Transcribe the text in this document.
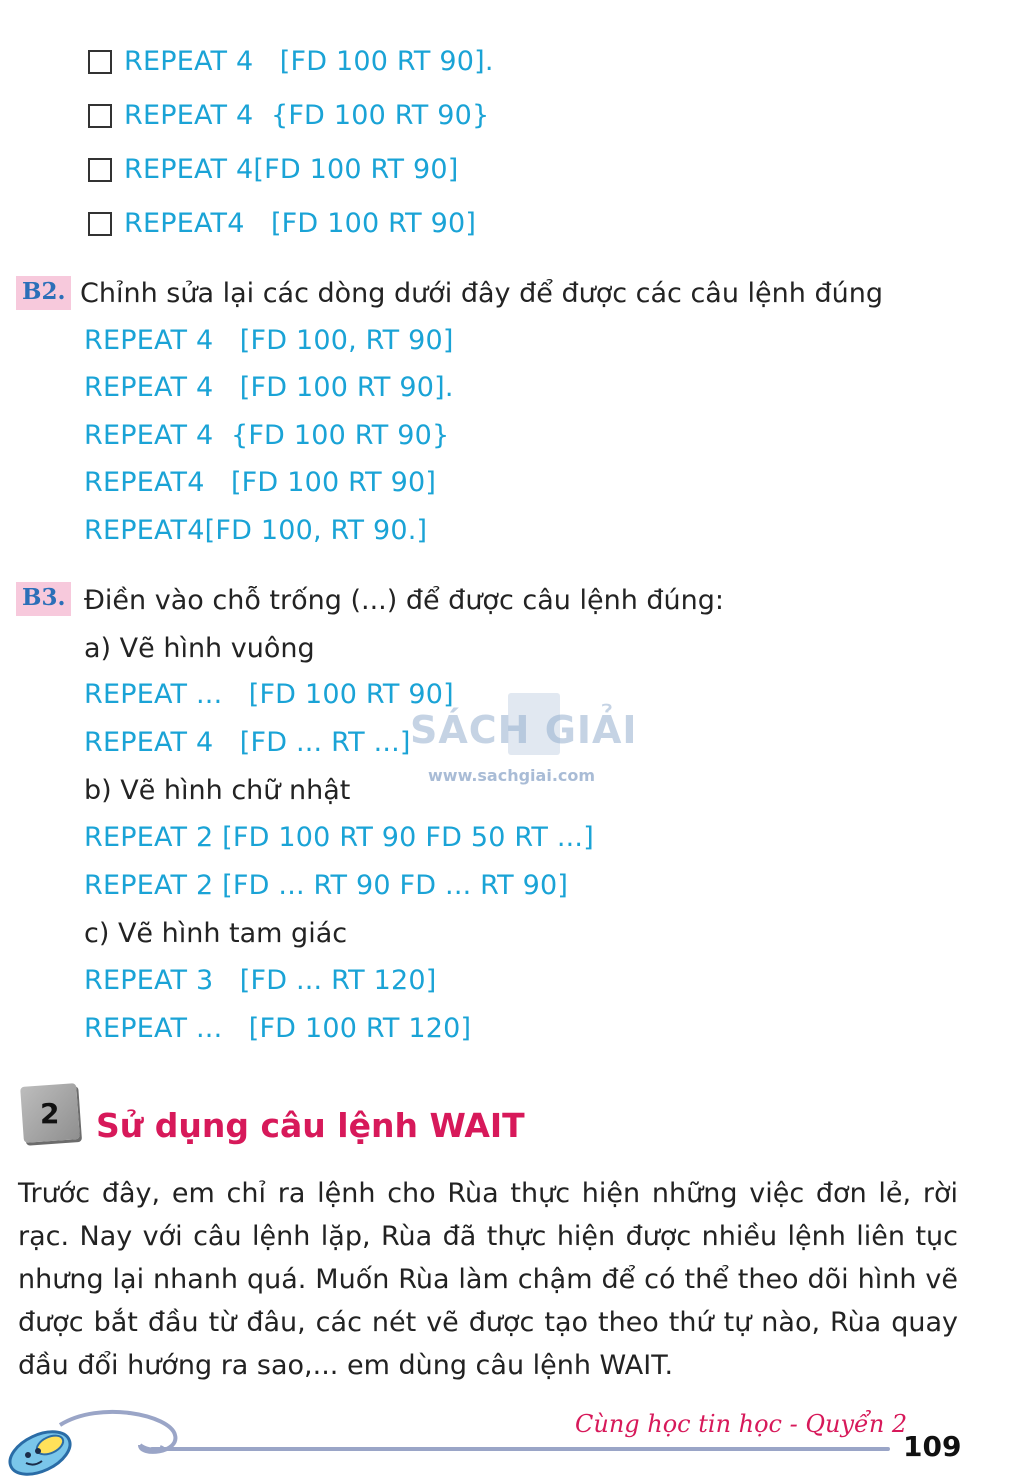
REPEAT 4   [FD 100 RT 90].
REPEAT 4  {FD 100 RT 90}
REPEAT 4[FD 100 RT 90]
REPEAT4   [FD 100 RT 90]
B2. Chỉnh sửa lại các dòng dưới đây để được các câu lệnh đúng
REPEAT 4   [FD 100, RT 90]
REPEAT 4   [FD 100 RT 90].
REPEAT 4  {FD 100 RT 90}
REPEAT4   [FD 100 RT 90]
REPEAT4[FD 100, RT 90.]
B3. Điền vào chỗ trống (...) để được câu lệnh đúng:
a) Vẽ hình vuông
REPEAT ...   [FD 100 RT 90]
REPEAT 4   [FD ... RT ...]
b) Vẽ hình chữ nhật
REPEAT 2 [FD 100 RT 90 FD 50 RT ...]
REPEAT 2 [FD ... RT 90 FD ... RT 90]
c) Vẽ hình tam giác
REPEAT 3   [FD ... RT 120]
REPEAT ...   [FD 100 RT 120]
SÁCH GIẢI
www.sachgiai.com
2 Sử dụng câu lệnh WAIT

Trước đây, em chỉ ra lệnh cho Rùa thực hiện những việc đơn lẻ, rời rạc. Nay với câu lệnh lặp, Rùa đã thực hiện được nhiều lệnh liên tục nhưng lại nhanh quá. Muốn Rùa làm chậm để có thể theo dõi hình vẽ được bắt đầu từ đâu, các nét vẽ được tạo theo thứ tự nào, Rùa quay đầu đổi hướng ra sao,... em dùng câu lệnh WAIT.

Cùng học tin học - Quyển 2
109
